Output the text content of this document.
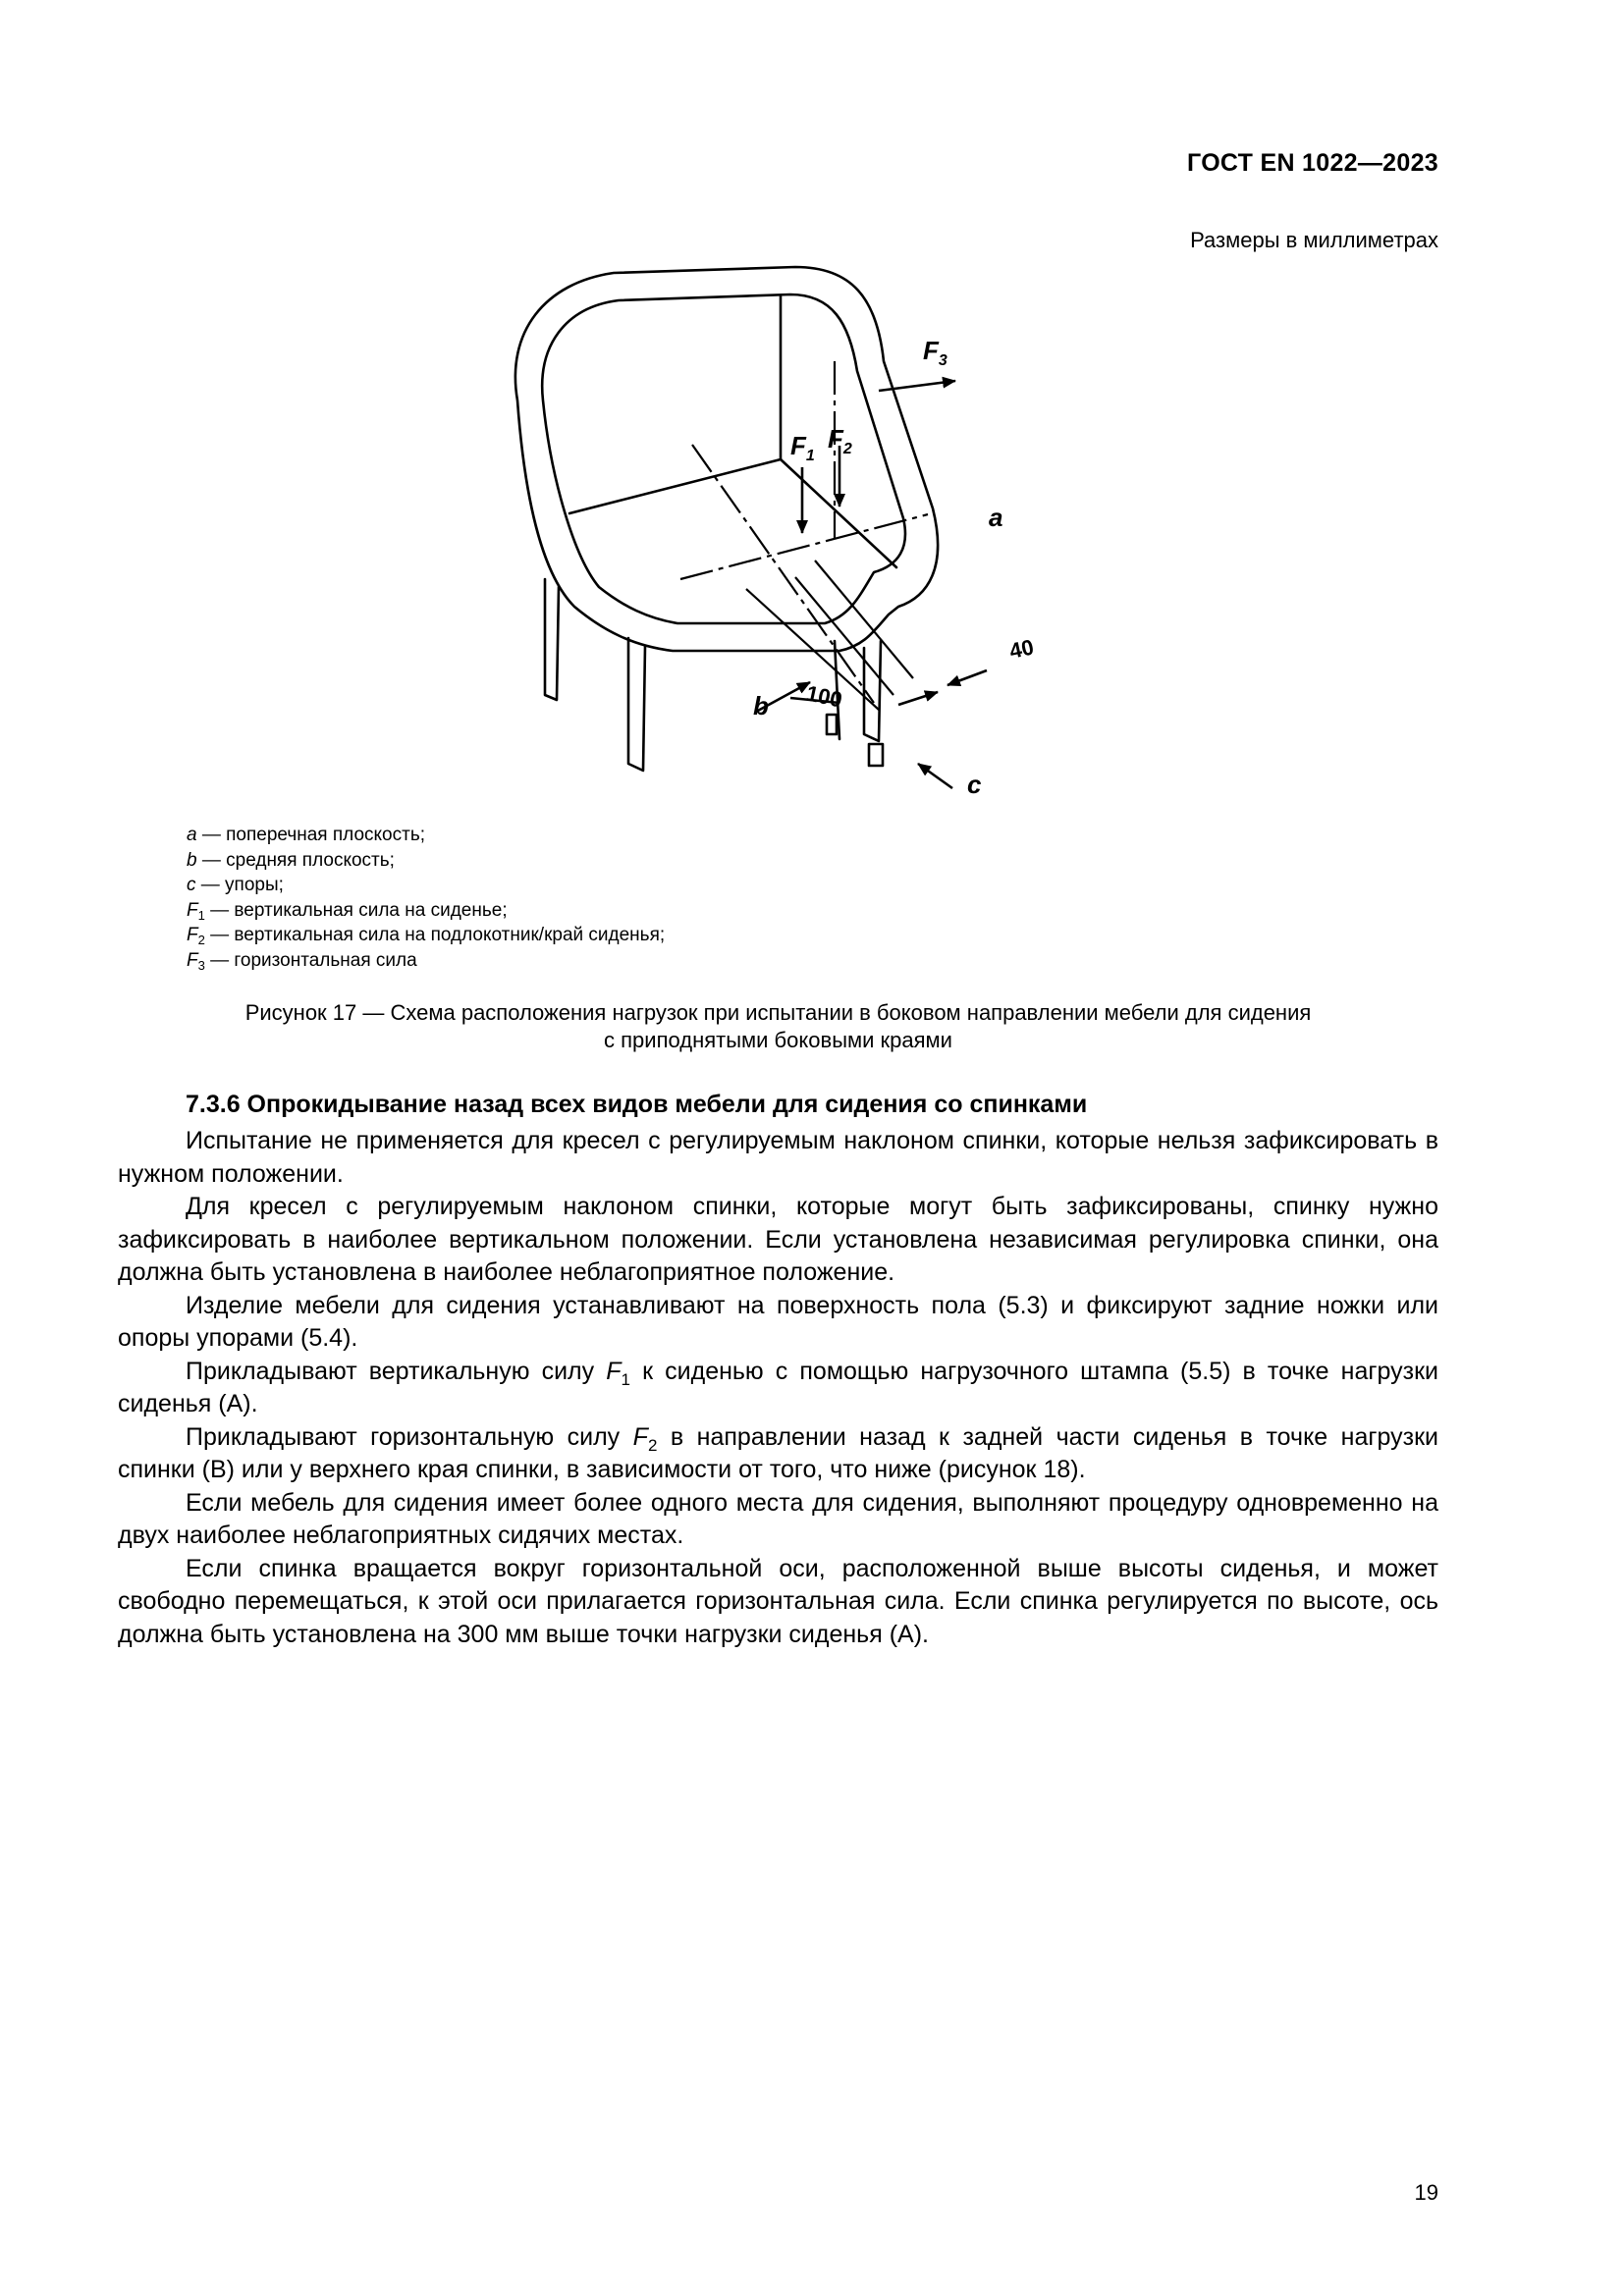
ГОСТ EN 1022—2023
Размеры в миллиметрах
$F_1$
$F_2$
$F_3$
a
b
c
100
40
a — поперечная плоскость;
b — средняя плоскость;
c — упоры;
$F_1$ — вертикальная сила на сиденье;
$F_2$ — вертикальная сила на подлокотник/край сиденья;
$F_3$ — горизонтальная сила
Рисунок 17 — Схема расположения нагрузок при испытании в боковом направлении мебели для сидения
с приподнятыми боковыми краями
7.3.6 Опрокидывание назад всех видов мебели для сидения со спинками

Испытание не применяется для кресел с регулируемым наклоном спинки, которые нельзя зафиксировать в нужном положении.

Для кресел с регулируемым наклоном спинки, которые могут быть зафиксированы, спинку нужно зафиксировать в наиболее вертикальном положении. Если установлена независимая регулировка спинки, она должна быть установлена в наиболее неблагоприятное положение.

Изделие мебели для сидения устанавливают на поверхность пола (5.3) и фиксируют задние ножки или опоры упорами (5.4).

Прикладывают вертикальную силу $F_1$ к сиденью с помощью нагрузочного штампа (5.5) в точке нагрузки сиденья (A).

Прикладывают горизонтальную силу $F_2$ в направлении назад к задней части сиденья в точке нагрузки спинки (B) или у верхнего края спинки, в зависимости от того, что ниже (рисунок 18).

Если мебель для сидения имеет более одного места для сидения, выполняют процедуру одновременно на двух наиболее неблагоприятных сидячих местах.

Если спинка вращается вокруг горизонтальной оси, расположенной выше высоты сиденья, и может свободно перемещаться, к этой оси прилагается горизонтальная сила. Если спинка регулируется по высоте, ось должна быть установлена на 300 мм выше точки нагрузки сиденья (A).

19
